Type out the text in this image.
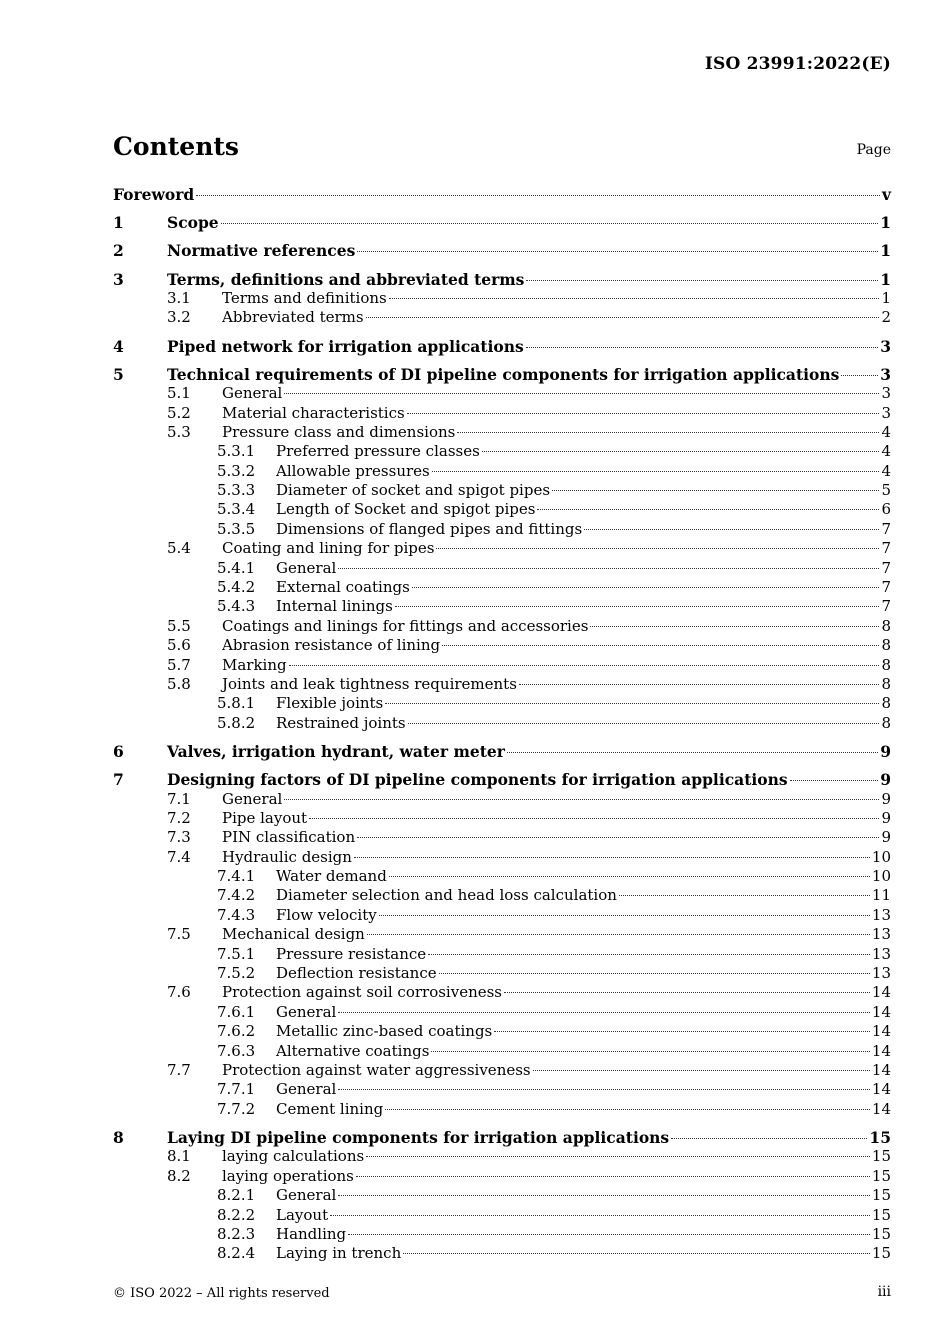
ISO 23991:2022(E)
Contents	Page
Foreword	v
1	Scope	1
2	Normative references	1
3	Terms, definitions and abbreviated terms	1
3.1 Terms and definitions	1
3.2 Abbreviated terms	2
4	Piped network for irrigation applications	3
5	Technical requirements of DI pipeline components for irrigation applications	3
5.1 General	3
5.2 Material characteristics	3
5.3 Pressure class and dimensions	4
5.3.1 Preferred pressure classes	4
5.3.2 Allowable pressures	4
5.3.3 Diameter of socket and spigot pipes	5
5.3.4 Length of Socket and spigot pipes	6
5.3.5 Dimensions of flanged pipes and fittings	7
5.4 Coating and lining for pipes	7
5.4.1 General	7
5.4.2 External coatings	7
5.4.3 Internal linings	7
5.5 Coatings and linings for fittings and accessories	8
5.6 Abrasion resistance of lining	8
5.7 Marking	8
5.8 Joints and leak tightness requirements	8
5.8.1 Flexible joints	8
5.8.2 Restrained joints	8
6	Valves, irrigation hydrant, water meter	9
7	Designing factors of DI pipeline components for irrigation applications	9
7.1 General	9
7.2 Pipe layout	9
7.3 PIN classification	9
7.4 Hydraulic design	10
7.4.1 Water demand	10
7.4.2 Diameter selection and head loss calculation	11
7.4.3 Flow velocity	13
7.5 Mechanical design	13
7.5.1 Pressure resistance	13
7.5.2 Deflection resistance	13
7.6 Protection against soil corrosiveness	14
7.6.1 General	14
7.6.2 Metallic zinc-based coatings	14
7.6.3 Alternative coatings	14
7.7 Protection against water aggressiveness	14
7.7.1 General	14
7.7.2 Cement lining	14
8	Laying DI pipeline components for irrigation applications	15
8.1 laying calculations	15
8.2 laying operations	15
8.2.1 General	15
8.2.2 Layout	15
8.2.3 Handling	15
8.2.4 Laying in trench	15
© ISO 2022 – All rights reserved	iii
